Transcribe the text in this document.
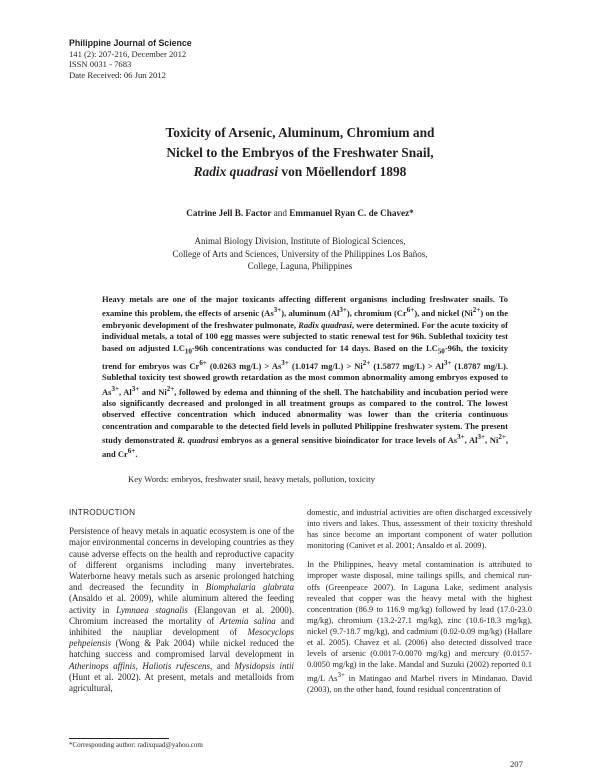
Philippine Journal of Science
141 (2): 207-216, December 2012
ISSN 0031 - 7683
Date Received: 06 Jun 2012
Toxicity of Arsenic, Aluminum, Chromium and
Nickel to the Embryos of the Freshwater Snail,
Radix quadrasi von Möellendorf 1898
Catrine Jell B. Factor and Emmanuel Ryan C. de Chavez*
Animal Biology Division, Institute of Biological Sciences,
College of Arts and Sciences, University of the Philippines Los Baños,
College, Laguna, Philippines

Heavy metals are one of the major toxicants affecting different organisms including freshwater snails. To examine this problem, the effects of arsenic $(As^{3+})$, aluminum $(Al^{3+})$, chromium $(Cr^{6+})$, and nickel $(Ni^{2+})$ on the embryonic development of the freshwater pulmonate, Radix quadrasi, were determined. For the acute toxicity of individual metals, a total of 100 egg masses were subjected to static renewal test for 96h. Sublethal toxicity test based on adjusted $LC_{10}-96h$ concentrations was conducted for 14 days. Based on the $LC_{50}-96h$, the toxicity trend for embryos was $Cr^{6+}$ (0.0263 $mg/L) > As^{3+}$ (1.0147 $mg/L) > Ni^{2+}$ (1.5877 $mg/L) > Al^{3+}$ (1.8787 mg/L). Sublethal toxicity test showed growth retardation as the most common abnormality among embryos exposed to $As^{3+}$, $Al^{3+}$ and $Ni^{2+}$, followed by edema and thinning of the shell. The hatchability and incubation period were also significantly decreased and prolonged in all treatment groups as compared to the control. The lowest observed effective concentration which induced abnormality was lower than the criteria continuous concentration and comparable to the detected field levels in polluted Philippine freshwater system. The present study demonstrated R. quadrasi embryos as a general sensitive bioindicator for trace levels of $As^{3+}$, $Al^{3+}$, $Ni^{2+}$, and $Cr^{6+}$.

Key Words: embryos, freshwater snail, heavy metals, pollution, toxicity
INTRODUCTION

Persistence of heavy metals in aquatic ecosystem is one of the major environmental concerns in developing countries as they cause adverse effects on the health and reproductive capacity of different organisms including many invertebrates. Waterborne heavy metals such as arsenic prolonged hatching and decreased the fecundity in Biomphalaria glabrata (Ansaldo et al. 2009), while aluminum altered the feeding activity in Lymnaea stagnalis (Elangovan et al. 2000). Chromium increased the mortality of Artemia salina and inhibited the naupliar development of Mesocyclops pehpeiensis (Wong & Pak 2004) while nickel reduced the hatching success and compromised larval development in Atherinops affinis, Haliotis rufescens, and Mysidopsis intii (Hunt et al. 2002). At present, metals and metalloids from agricultural,

domestic, and industrial activities are often discharged excessively into rivers and lakes. Thus, assessment of their toxicity threshold has since become an important component of water pollution monitoring (Canivet et al. 2001; Ansaldo et al. 2009).

In the Philippines, heavy metal contamination is attributed to improper waste disposal, mine tailings spills, and chemical run-offs (Greenpeace 2007). In Laguna Lake, sediment analysis revealed that copper was the heavy metal with the highest concentration (86.9 to 116.9 mg/kg) followed by lead (17.0-23.0 mg/kg), chromium (13.2-27.1 mg/kg), zinc (10.6-18.3 mg/kg), nickel (9.7-18.7 mg/kg), and cadmium (0.02-0.09 mg/kg) (Hallare et al. 2005). Chavez et al. (2006) also detected dissolved trace levels of arsenic (0.0017-0.0070 mg/kg) and mercury (0.0157-0.0050 mg/kg) in the lake. Mandal and Suzuki (2002) reported 0.1 mg/L $As^{3+}$ in Matingao and Marbel rivers in Mindanao. David (2003), on the other hand, found residual concentration of

*Corresponding author: radixquad@yahoo.com
207
